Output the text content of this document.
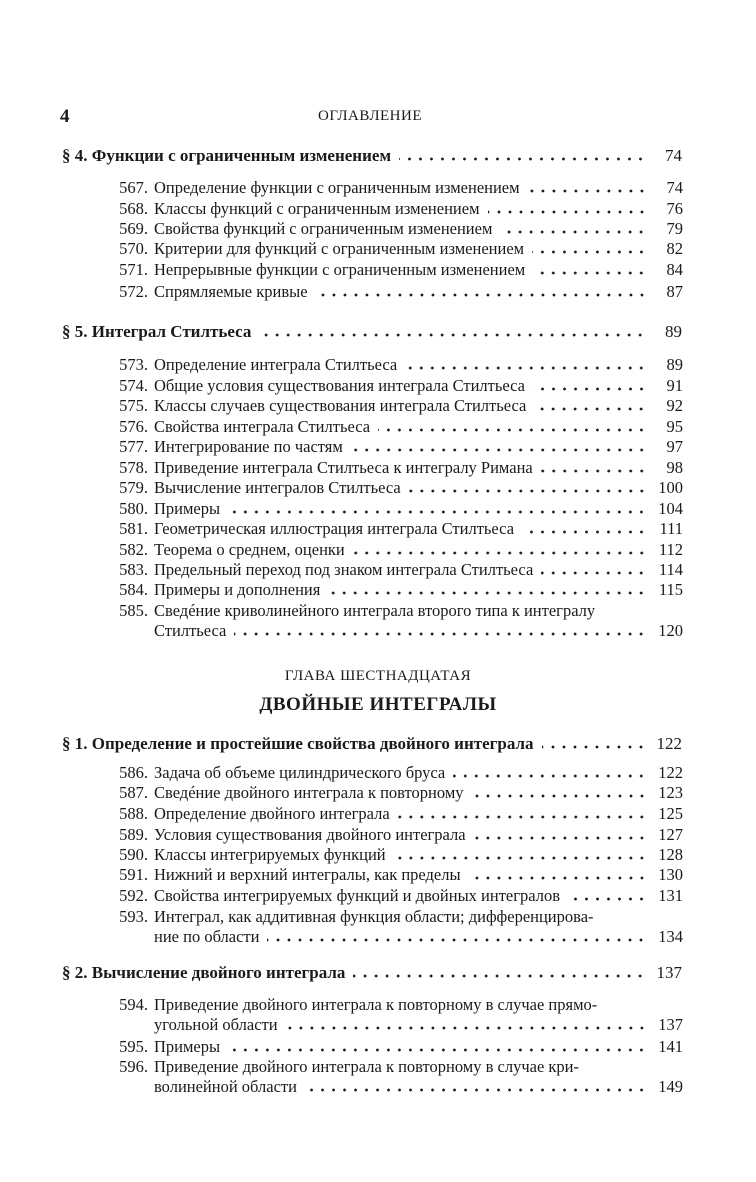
4	ОГЛАВЛЕНИЕ
§ 4. Функции с ограниченным изменением	74
567. Определение функции с ограниченным изменением	74
568. Классы функций с ограниченным изменением	76
569. Свойства функций с ограниченным изменением	79
570. Критерии для функций с ограниченным изменением	82
571. Непрерывные функции с ограниченным изменением	84
572. Спрямляемые кривые	87
§ 5. Интеграл Стилтьеса	89
573. Определение интеграла Стилтьеса	89
574. Общие условия существования интеграла Стилтьеса	91
575. Классы случаев существования интеграла Стилтьеса	92
576. Свойства интеграла Стилтьеса	95
577. Интегрирование по частям	97
578. Приведение интеграла Стилтьеса к интегралу Римана	98
579. Вычисление интегралов Стилтьеса	100
580. Примеры	104
581. Геометрическая иллюстрация интеграла Стилтьеса	111
582. Теорема о среднем, оценки	112
583. Предельный переход под знаком интеграла Стилтьеса	114
584. Примеры и дополнения	115
585. Сведéние криволинейного интеграла второго типа к интегралу
Стилтьеса	120
ГЛАВА ШЕСТНАДЦАТАЯ
ДВОЙНЫЕ ИНТЕГРАЛЫ
§ 1. Определение и простейшие свойства двойного интеграла	122
586. Задача об объеме цилиндрического бруса	122
587. Сведéние двойного интеграла к повторному	123
588. Определение двойного интеграла	125
589. Условия существования двойного интеграла	127
590. Классы интегрируемых функций	128
591. Нижний и верхний интегралы, как пределы	130
592. Свойства интегрируемых функций и двойных интегралов	131
593. Интеграл, как аддитивная функция области; дифференцирова-
ние по области	134
§ 2. Вычисление двойного интеграла	137
594. Приведение двойного интеграла к повторному в случае прямо-
угольной области	137
595. Примеры	141
596. Приведение двойного интеграла к повторному в случае кри-
волинейной области	149
